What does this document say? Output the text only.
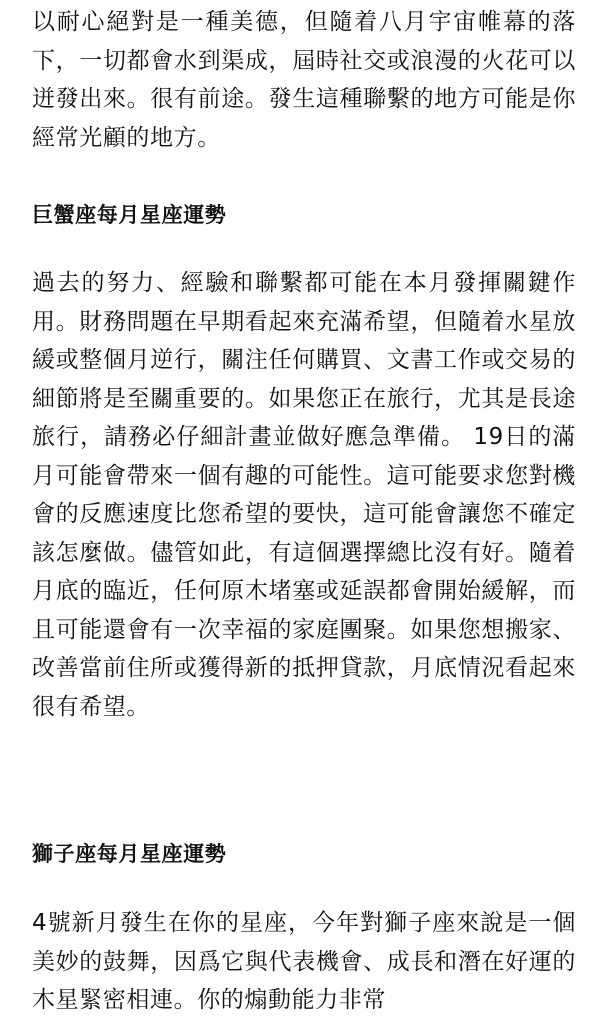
以耐心絕對是一種美德，但隨着八月宇宙帷幕的落下，一切都會水到渠成，屆時社交或浪漫的火花可以迸發出來。很有前途。發生這種聯繫的地方可能是你經常光顧的地方。

巨蟹座每月星座運勢

過去的努力、經驗和聯繫都可能在本月發揮關鍵作用。財務問題在早期看起來充滿希望，但隨着水星放緩或整個月逆行，關注任何購買、文書工作或交易的細節將是至關重要的。如果您正在旅行，尤其是長途旅行，請務必仔細計畫並做好應急準備。 19日的滿月可能會帶來一個有趣的可能性。這可能要求您對機會的反應速度比您希望的要快，這可能會讓您不確定該怎麼做。儘管如此，有這個選擇總比沒有好。隨着月底的臨近，任何原木堵塞或延誤都會開始緩解，而且可能還會有一次幸福的家庭團聚。如果您想搬家、改善當前住所或獲得新的抵押貸款，月底情況看起來很有希望。

獅子座每月星座運勢

4號新月發生在你的星座，今年對獅子座來說是一個美妙的鼓舞，因爲它與代表機會、成長和潛在好運的木星緊密相連。你的煽動能力非常
